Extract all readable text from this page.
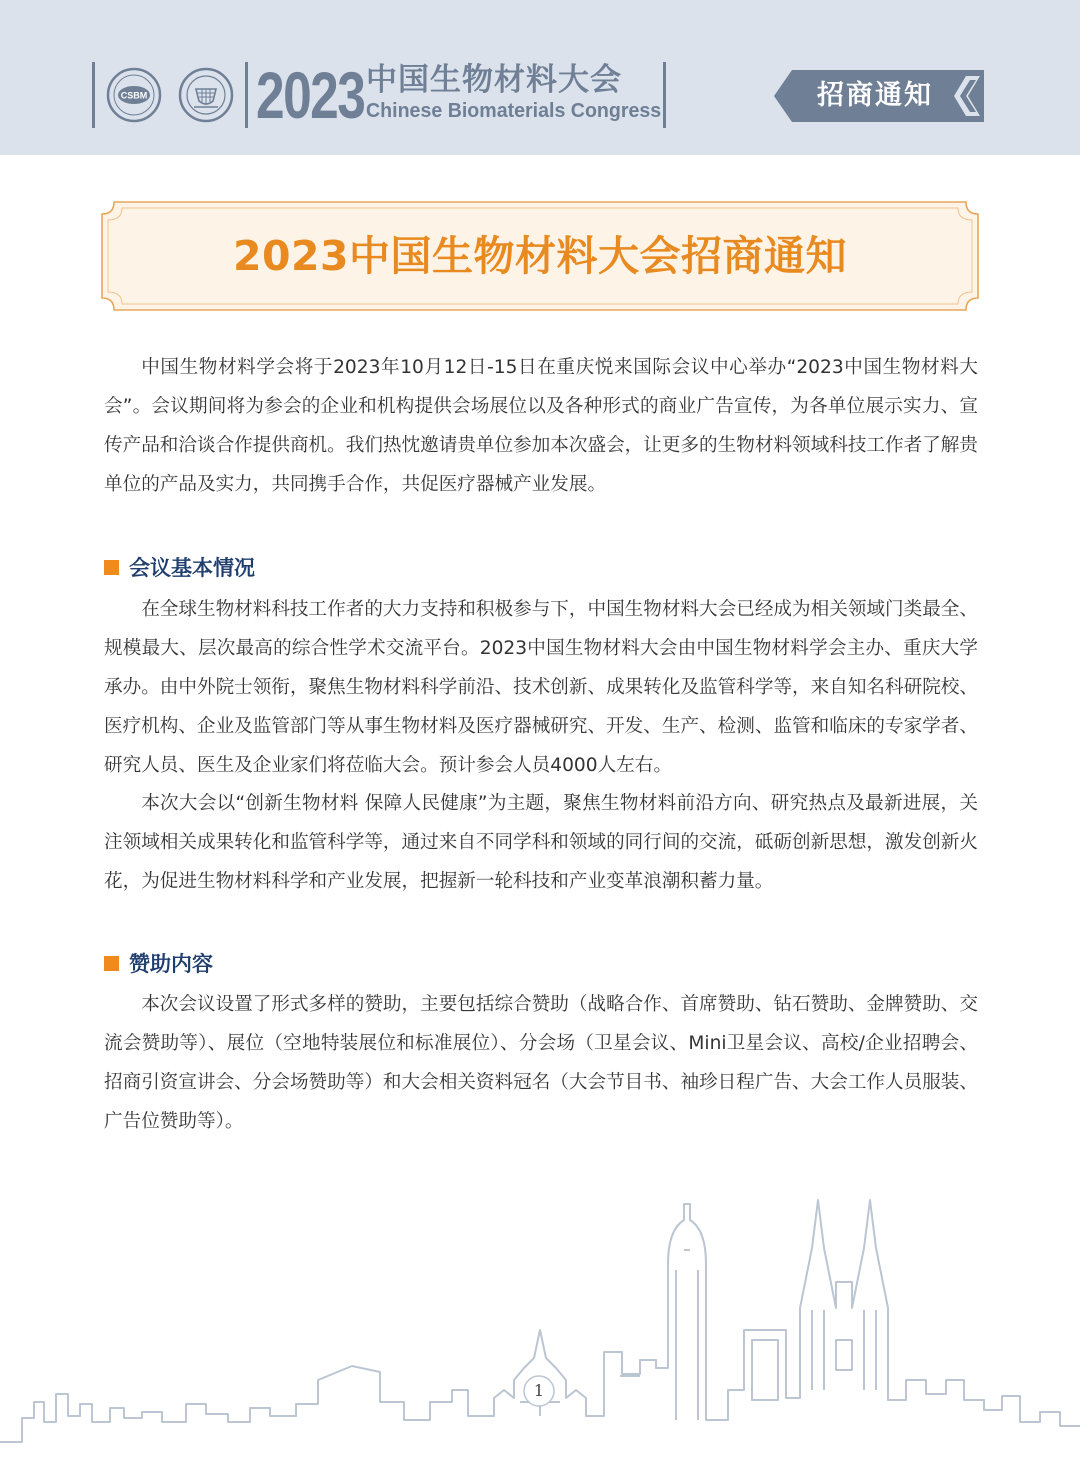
CSBM 2023 中国生物材料大会
Chinese Biomaterials Congress	招商通知
2023中国生物材料大会招商通知

中国生物材料学会将于2023年10月12日-15日在重庆悦来国际会议中心举办“2023中国生物材料大会”。会议期间将为参会的企业和机构提供会场展位以及各种形式的商业广告宣传，为各单位展示实力、宣传产品和洽谈合作提供商机。我们热忱邀请贵单位参加本次盛会，让更多的生物材料领域科技工作者了解贵单位的产品及实力，共同携手合作，共促医疗器械产业发展。

会议基本情况

在全球生物材料科技工作者的大力支持和积极参与下，中国生物材料大会已经成为相关领域门类最全、规模最大、层次最高的综合性学术交流平台。2023中国生物材料大会由中国生物材料学会主办、重庆大学承办。由中外院士领衔，聚焦生物材料科学前沿、技术创新、成果转化及监管科学等，来自知名科研院校、医疗机构、企业及监管部门等从事生物材料及医疗器械研究、开发、生产、检测、监管和临床的专家学者、研究人员、医生及企业家们将莅临大会。预计参会人员4000人左右。

本次大会以“创新生物材料 保障人民健康”为主题，聚焦生物材料前沿方向、研究热点及最新进展，关注领域相关成果转化和监管科学等，通过来自不同学科和领域的同行间的交流，砥砺创新思想，激发创新火花，为促进生物材料科学和产业发展，把握新一轮科技和产业变革浪潮积蓄力量。

赞助内容

本次会议设置了形式多样的赞助，主要包括综合赞助（战略合作、首席赞助、钻石赞助、金牌赞助、交流会赞助等）、展位（空地特装展位和标准展位）、分会场（卫星会议、Mini卫星会议、高校/企业招聘会、招商引资宣讲会、分会场赞助等）和大会相关资料冠名（大会节目书、袖珍日程广告、大会工作人员服装、广告位赞助等）。

1
